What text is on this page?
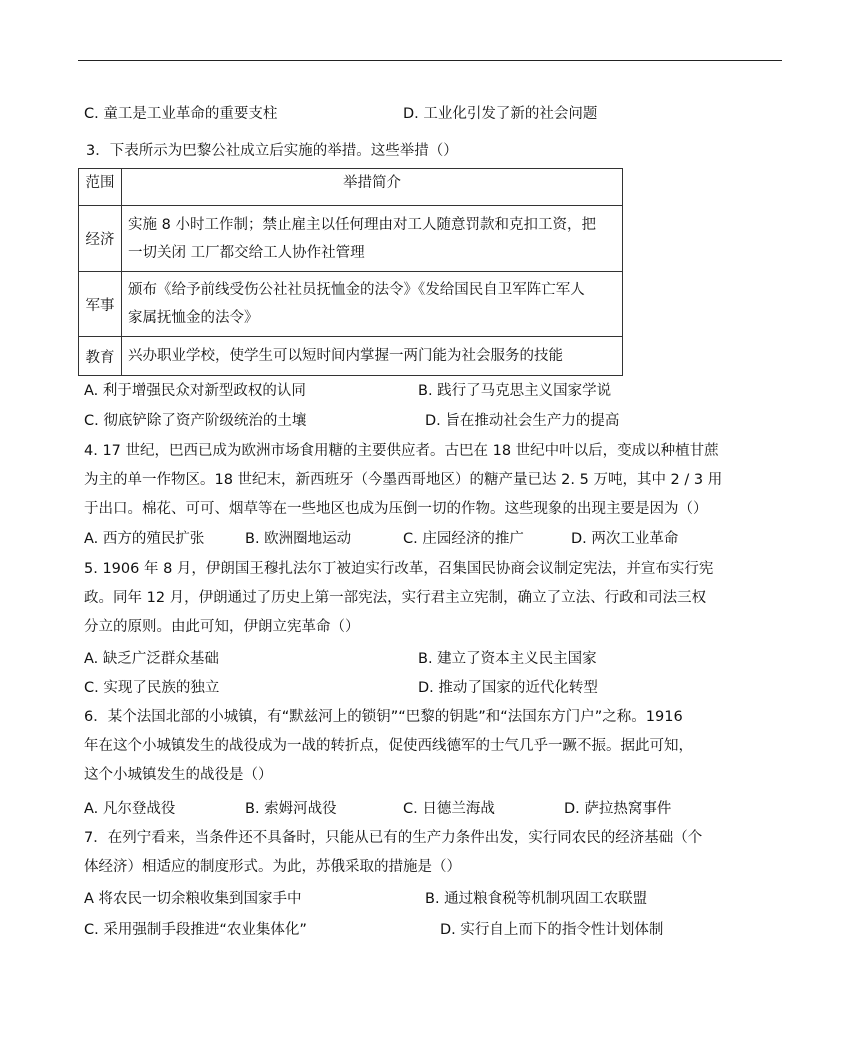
C. 童工是工业革命的重要支柱	D. 工业化引发了新的社会问题
3．下表所示为巴黎公社成立后实施的举措。这些举措（）
范围	举措简介
经济	实施 8 小时工作制；禁止雇主以任何理由对工人随意罚款和克扣工资，把
一切关闭 工厂都交给工人协作社管理

军事	颁布《给予前线受伤公社社员抚恤金的法令》《发给国民自卫军阵亡军人
家属抚恤金的法令》

教育	兴办职业学校，使学生可以短时间内掌握一两门能为社会服务的技能
A. 利于增强民众对新型政权的认同	B. 践行了马克思主义国家学说
C. 彻底铲除了资产阶级统治的土壤	D. 旨在推动社会生产力的提高
4. 17 世纪，巴西已成为欧洲市场食用糖的主要供应者。古巴在 18 世纪中叶以后，变成以种植甘蔗
为主的单一作物区。18 世纪末，新西班牙（今墨西哥地区）的糖产量已达 2. 5 万吨，其中 2 / 3 用
于出口。棉花、可可、烟草等在一些地区也成为压倒一切的作物。这些现象的出现主要是因为（）
A. 西方的殖民扩张	B. 欧洲圈地运动	C. 庄园经济的推广	D. 两次工业革命
5. 1906 年 8 月，伊朗国王穆扎法尔丁被迫实行改革，召集国民协商会议制定宪法，并宣布实行宪
政。同年 12 月，伊朗通过了历史上第一部宪法，实行君主立宪制，确立了立法、行政和司法三权
分立的原则。由此可知，伊朗立宪革命（）
A. 缺乏广泛群众基础	B. 建立了资本主义民主国家
C. 实现了民族的独立	D. 推动了国家的近代化转型
6．某个法国北部的小城镇，有“默兹河上的锁钥”“巴黎的钥匙”和“法国东方门户”之称。1916
年在这个小城镇发生的战役成为一战的转折点，促使西线德军的士气几乎一蹶不振。据此可知，
这个小城镇发生的战役是（）
A. 凡尔登战役	B. 索姆河战役	C. 日德兰海战	D. 萨拉热窝事件
7．在列宁看来，当条件还不具备时，只能从已有的生产力条件出发，实行同农民的经济基础（个
体经济）相适应的制度形式。为此，苏俄采取的措施是（）
A 将农民一切余粮收集到国家手中	B. 通过粮食税等机制巩固工农联盟
C. 采用强制手段推进“农业集体化”	D. 实行自上而下的指令性计划体制
